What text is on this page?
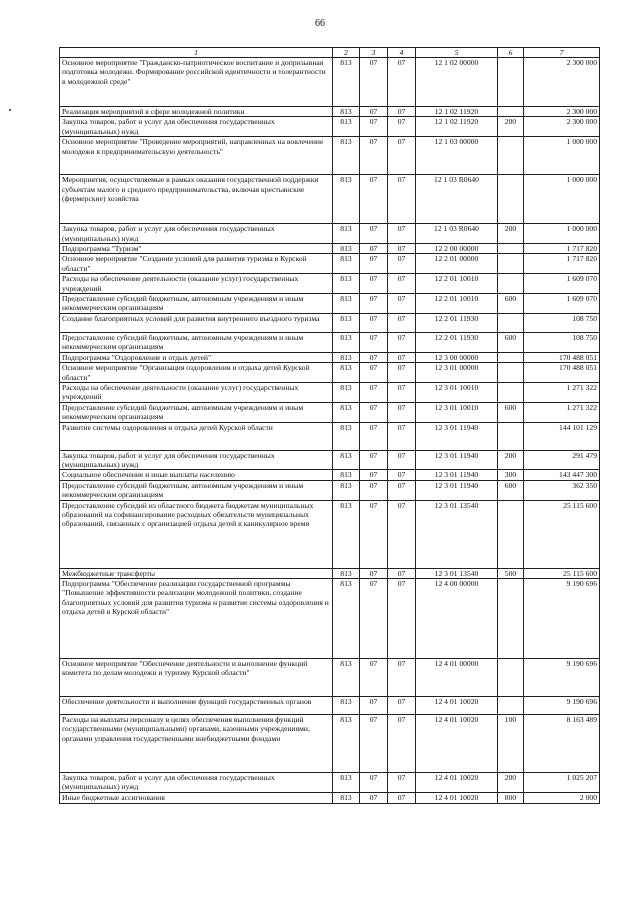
66
1	2	3	4	5	6	7
Основное мероприятие "Гражданско-патриотическое воспитание и допризывная подготовка молодежи. Формирование российской идентичности и толерантности в молодежной среде"	813	07	07	12 1 02 00000		2 300 000
Реализация мероприятий в сфере молодежной политики	813	07	07	12 1 02 11920		2 300 000
Закупка товаров, работ и услуг для обеспечения государственных (муниципальных) нужд	813	07	07	12 1 02 11920	200	2 300 000
Основное мероприятие "Проведение мероприятий, направленных на вовлечение молодежи в предпринимательскую деятельность"	813	07	07	12 1 03 00000		1 000 000
Мероприятия, осуществляемые в рамках оказания государственной поддержки субъектам малого и среднего предпринимательства, включая крестьянские (фермерские) хозяйства	813	07	07	12 1 03 R0640		1 000 000
Закупка товаров, работ и услуг для обеспечения государственных (муниципальных) нужд	813	07	07	12 1 03 R0640	200	1 000 000
Подпрограмма "Туризм"	813	07	07	12 2 00 00000		1 717 820
Основное мероприятие "Создание условий для развития туризма в Курской области"	813	07	07	12 2 01 00000		1 717 820
Расходы на обеспечение деятельности (оказание услуг) государственных учреждений	813	07	07	12 2 01 10010		1 609 070
Предоставление субсидий бюджетным, автономным учреждениям и иным некоммерческим организациям	813	07	07	12 2 01 10010	600	1 609 070
Создание благоприятных условий для развития внутреннего въездного туризма	813	07	07	12 2 01 11930		108 750
Предоставление субсидий бюджетным, автономным учреждениям и иным некоммерческим организациям	813	07	07	12 2 01 11930	600	108 750
Подпрограмма "Оздоровление и отдых детей"	813	07	07	12 3 00 00000		170 488 051
Основное мероприятие "Организация оздоровления и отдыха детей Курской области"	813	07	07	12 3 01 00000		170 488 051
Расходы на обеспечение деятельности (оказание услуг) государственных учреждений	813	07	07	12 3 01 10010		1 271 322
Предоставление субсидий бюджетным, автономным учреждениям и иным некоммерческим организациям	813	07	07	12 3 01 10010	600	1 271 322
Развитие системы оздоровления и отдыха детей Курской области	813	07	07	12 3 01 11940		144 101 129
Закупка товаров, работ и услуг для обеспечения государственных (муниципальных) нужд	813	07	07	12 3 01 11940	200	291 479
Социальное обеспечение и иные выплаты населению	813	07	07	12 3 01 11940	300	143 447 300
Предоставление субсидий бюджетным, автономным учреждениям и иным некоммерческим организациям	813	07	07	12 3 01 11940	600	362 350
Предоставление субсидий из областного бюджета бюджетам муниципальных образований на софинансирование расходных обязательств муниципальных образований, связанных с организацией отдыха детей в каникулярное время	813	07	07	12 3 01 13540		25 115 600
Межбюджетные трансферты	813	07	07	12 3 01 13540	500	25 115 600
Подпрограмма "Обеспечение реализации государственной программы "Повышение эффективности реализации молодежной политики, создание благоприятных условий для развития туризма и развитие системы оздоровления и отдыха детей в Курской области"	813	07	07	12 4 00 00000		9 190 696
Основное мероприятие "Обеспечение деятельности и выполнение функций комитета по делам молодежи и туризму Курской области"	813	07	07	12 4 01 00000		9 190 696
Обеспечение деятельности и выполнение функций государственных органов	813	07	07	12 4 01 10020		9 190 696
Расходы на выплаты персоналу в целях обеспечения выполнения функций государственными (муниципальными) органами, казенными учреждениями, органами управления государственными внебюджетными фондами	813	07	07	12 4 01 10020	100	8 163 489
Закупка товаров, работ и услуг для обеспечения государственных (муниципальных) нужд	813	07	07	12 4 01 10020	200	1 025 207
Иные бюджетные ассигнования	813	07	07	12 4 01 10020	800	2 000
